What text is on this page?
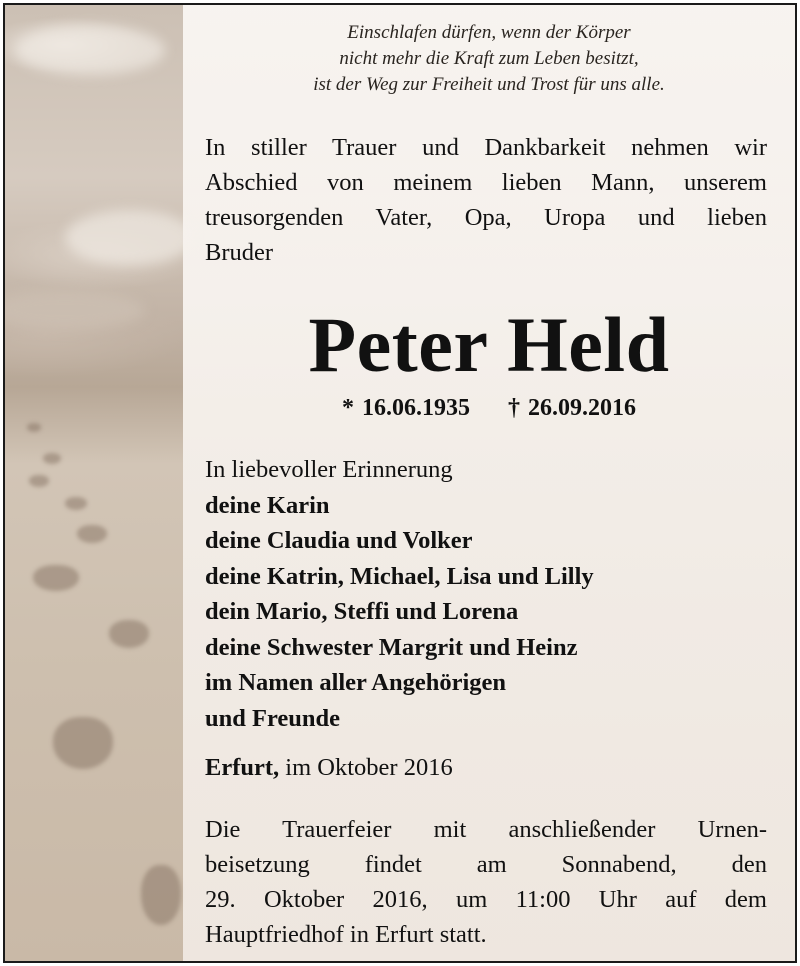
Einschlafen dürfen, wenn der Körper
nicht mehr die Kraft zum Leben besitzt,
ist der Weg zur Freiheit und Trost für uns alle.
In stiller Trauer und Dankbarkeit nehmen wir
Abschied von meinem lieben Mann, unserem
treusorgenden Vater, Opa, Uropa und lieben
Bruder
Peter Held
* 16.06.1935 † 26.09.2016
In liebevoller Erinnerung
deine Karin
deine Claudia und Volker
deine Katrin, Michael, Lisa und Lilly
dein Mario, Steffi und Lorena
deine Schwester Margrit und Heinz
im Namen aller Angehörigen
und Freunde
Erfurt, im Oktober 2016
Die Trauerfeier mit anschließender Urnen-
beisetzung findet am Sonnabend, den
29. Oktober 2016, um 11:00 Uhr auf dem
Hauptfriedhof in Erfurt statt.
